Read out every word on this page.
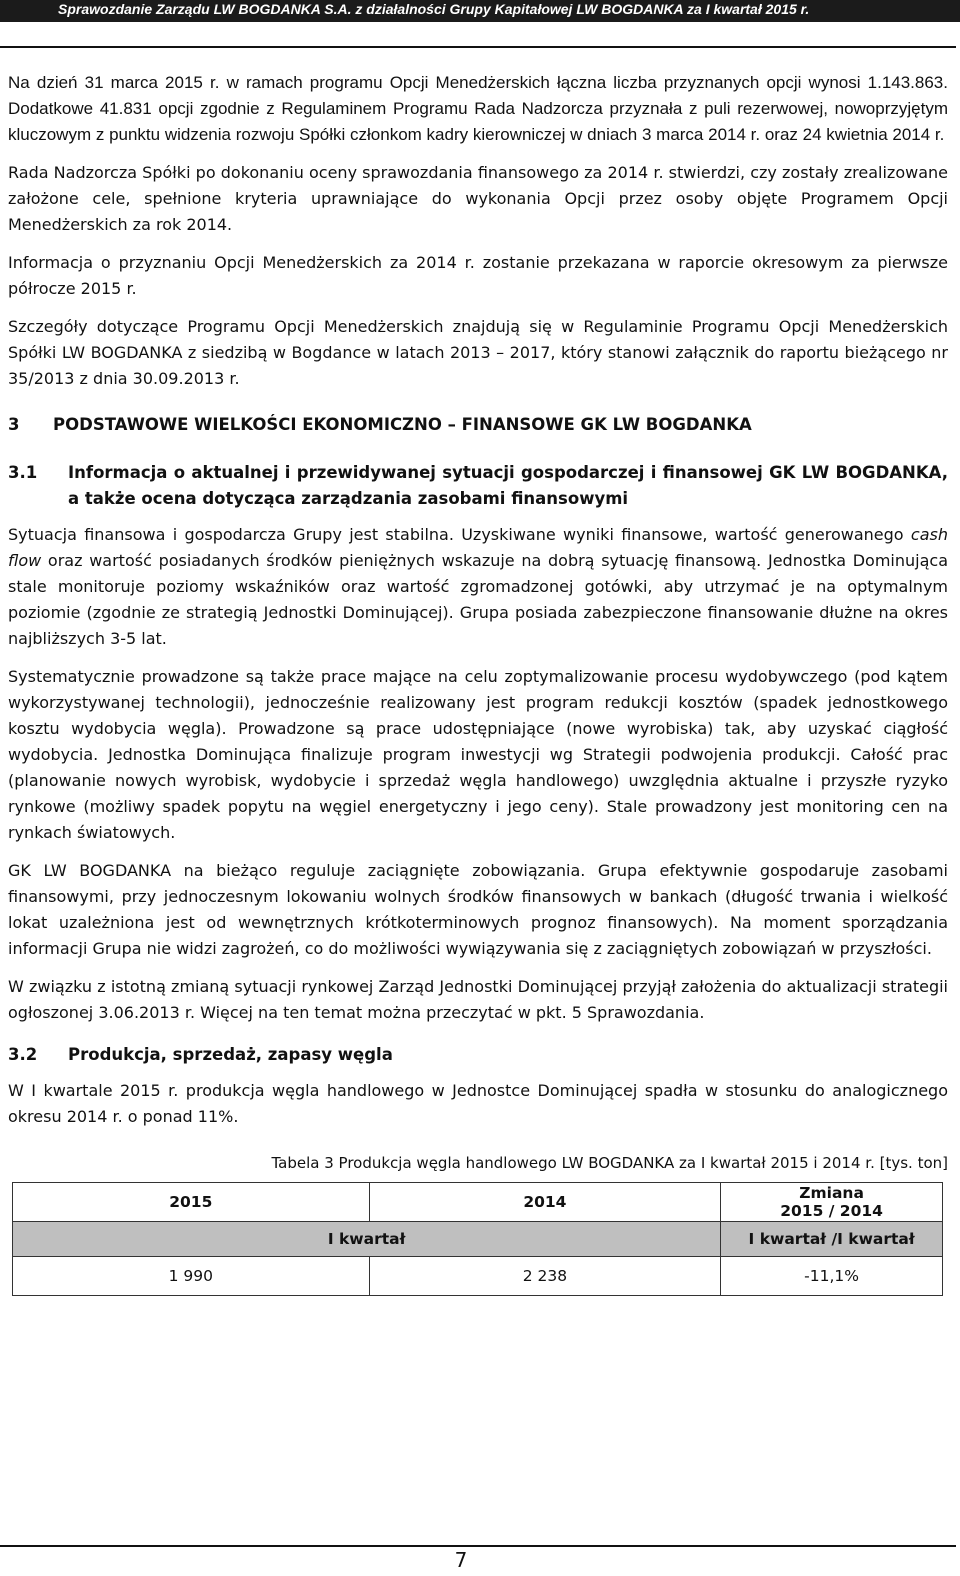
Sprawozdanie Zarządu LW BOGDANKA S.A. z działalności Grupy Kapitałowej LW BOGDANKA za I kwartał 2015 r.

Na dzień 31 marca 2015 r. w ramach programu Opcji Menedżerskich łączna liczba przyznanych opcji wynosi 1.143.863. Dodatkowe 41.831 opcji zgodnie z Regulaminem Programu Rada Nadzorcza przyznała z puli rezerwowej, nowoprzyjętym kluczowym z punktu widzenia rozwoju Spółki członkom kadry kierowniczej w dniach 3 marca 2014 r. oraz 24 kwietnia 2014 r.

Rada Nadzorcza Spółki po dokonaniu oceny sprawozdania finansowego za 2014 r. stwierdzi, czy zostały zrealizowane założone cele, spełnione kryteria uprawniające do wykonania Opcji przez osoby objęte Programem Opcji Menedżerskich za rok 2014.

Informacja o przyznaniu Opcji Menedżerskich za 2014 r. zostanie przekazana w raporcie okresowym za pierwsze półrocze 2015 r.

Szczegóły dotyczące Programu Opcji Menedżerskich znajdują się w Regulaminie Programu Opcji Menedżerskich Spółki LW BOGDANKA z siedzibą w Bogdance w latach 2013 – 2017, który stanowi załącznik do raportu bieżącego nr 35/2013 z dnia 30.09.2013 r.

3	PODSTAWOWE WIELKOŚCI EKONOMICZNO – FINANSOWE GK LW BOGDANKA
3.1	Informacja o aktualnej i przewidywanej sytuacji gospodarczej i finansowej GK LW BOGDANKA, a także ocena dotycząca zarządzania zasobami finansowymi

Sytuacja finansowa i gospodarcza Grupy jest stabilna. Uzyskiwane wyniki finansowe, wartość generowanego cash flow oraz wartość posiadanych środków pieniężnych wskazuje na dobrą sytuację finansową. Jednostka Dominująca stale monitoruje poziomy wskaźników oraz wartość zgromadzonej gotówki, aby utrzymać je na optymalnym poziomie (zgodnie ze strategią Jednostki Dominującej). Grupa posiada zabezpieczone finansowanie dłużne na okres najbliższych 3-5 lat.

Systematycznie prowadzone są także prace mające na celu zoptymalizowanie procesu wydobywczego (pod kątem wykorzystywanej technologii), jednocześnie realizowany jest program redukcji kosztów (spadek jednostkowego kosztu wydobycia węgla). Prowadzone są prace udostępniające (nowe wyrobiska) tak, aby uzyskać ciągłość wydobycia. Jednostka Dominująca finalizuje program inwestycji wg Strategii podwojenia produkcji. Całość prac (planowanie nowych wyrobisk, wydobycie i sprzedaż węgla handlowego) uwzględnia aktualne i przyszłe ryzyko rynkowe (możliwy spadek popytu na węgiel energetyczny i jego ceny). Stale prowadzony jest monitoring cen na rynkach światowych.

GK LW BOGDANKA na bieżąco reguluje zaciągnięte zobowiązania. Grupa efektywnie gospodaruje zasobami finansowymi, przy jednoczesnym lokowaniu wolnych środków finansowych w bankach (długość trwania i wielkość lokat uzależniona jest od wewnętrznych krótkoterminowych prognoz finansowych). Na moment sporządzania informacji Grupa nie widzi zagrożeń, co do możliwości wywiązywania się z zaciągniętych zobowiązań w przyszłości.

W związku z istotną zmianą sytuacji rynkowej Zarząd Jednostki Dominującej przyjął założenia do aktualizacji strategii ogłoszonej 3.06.2013 r. Więcej na ten temat można przeczytać w pkt. 5 Sprawozdania.

3.2	Produkcja, sprzedaż, zapasy węgla

W I kwartale 2015 r. produkcja węgla handlowego w Jednostce Dominującej spadła w stosunku do analogicznego okresu 2014 r. o ponad 11%.

Tabela 3 Produkcja węgla handlowego LW BOGDANKA za I kwartał 2015 i 2014 r. [tys. ton]
2015	2014	Zmiana
2015 / 2014

I kwartał		I kwartał /I kwartał
1 990	2 238	-11,1%
7
